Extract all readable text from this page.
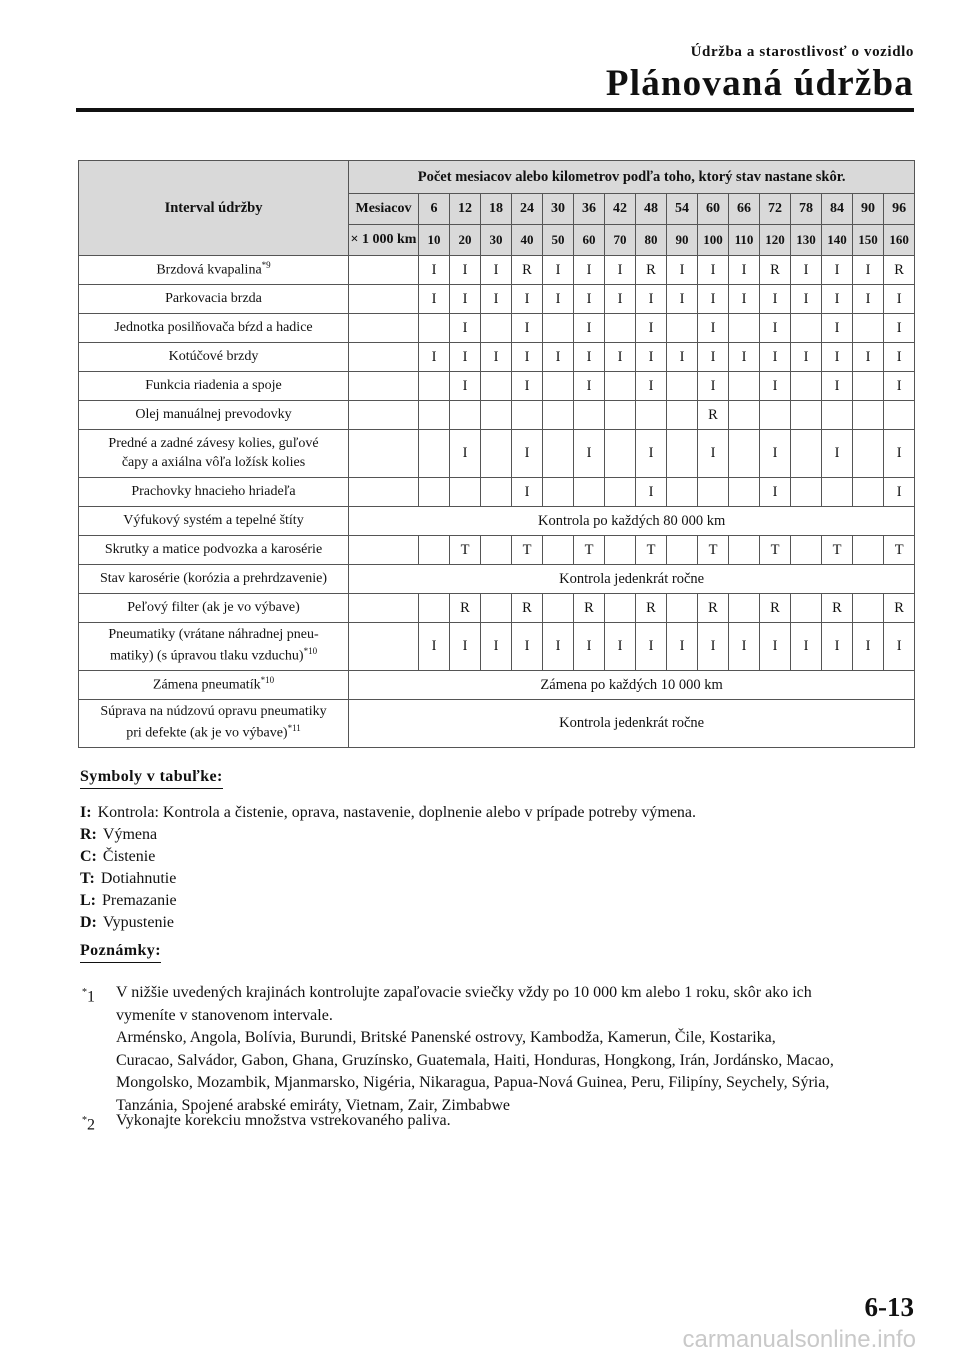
Údržba a starostlivosť o vozidlo
Plánovaná údržba
Interval údržby	Počet mesiacov alebo kilometrov podľa toho, ktorý stav nastane skôr.																
	Mesiacov	6	12	18	24	30	36	42	48	54	60	66	72	78	84	90	96
	× 1 000 km	10	20	30	40	50	60	70	80	90	100	110	120	130	140	150	160
Brzdová kvapalina$^{*9}$		I	I	I	R	I	I	I	R	I	I	I	R	I	I	I	R
Parkovacia brzda		I	I	I	I	I	I	I	I	I	I	I	I	I	I	I	I
Jednotka posilňovača bŕzd a hadice			I		I		I		I		I		I		I		I
Kotúčové brzdy		I	I	I	I	I	I	I	I	I	I	I	I	I	I	I	I
Funkcia riadenia a spoje			I		I		I		I		I		I		I		I
Olej manuálnej prevodovky											R						
Predné a zadné závesy kolies, guľové
čapy a axiálna vôľa ložísk kolies			I		I		I		I		I		I		I		I
Prachovky hnacieho hriadeľa					I				I				I				I
Výfukový systém a tepelné štíty	Kontrola po každých 80 000 km																
Skrutky a matice podvozka a karosérie			T		T		T		T		T		T		T		T
Stav karosérie (korózia a prehrdzavenie)	Kontrola jedenkrát ročne																
Peľový filter (ak je vo výbave)			R		R		R		R		R		R		R		R
Pneumatiky (vrátane náhradnej pneu-
matiky) (s úpravou tlaku vzduchu)$^{*10}$		I	I	I	I	I	I	I	I	I	I	I	I	I	I	I	I
Zámena pneumatík$^{*10}$	Zámena po každých 10 000 km																
Súprava na núdzovú opravu pneumatiky
pri defekte (ak je vo výbave)$^{*11}$	Kontrola jedenkrát ročne																
Symboly v tabuľke:
I: Kontrola: Kontrola a čistenie, oprava, nastavenie, doplnenie alebo v prípade potreby výmena.
R: Výmena
C: Čistenie
T: Dotiahnutie
L: Premazanie
D: Vypustenie
Poznámky:
*1 V nižšie uvedených krajinách kontrolujte zapaľovacie sviečky vždy po 10 000 km alebo 1 roku, skôr ako ich
vymeníte v stanovenom intervale.
Arménsko, Angola, Bolívia, Burundi, Britské Panenské ostrovy, Kambodža, Kamerun, Čile, Kostarika,
Curacao, Salvádor, Gabon, Ghana, Gruzínsko, Guatemala, Haiti, Honduras, Hongkong, Irán, Jordánsko, Macao,
Mongolsko, Mozambik, Mjanmarsko, Nigéria, Nikaragua, Papua-Nová Guinea, Peru, Filipíny, Seychely, Sýria,
Tanzánia, Spojené arabské emiráty, Vietnam, Zair, Zimbabwe
*2 Vykonajte korekciu množstva vstrekovaného paliva.
6-13
carmanualsonline.info
